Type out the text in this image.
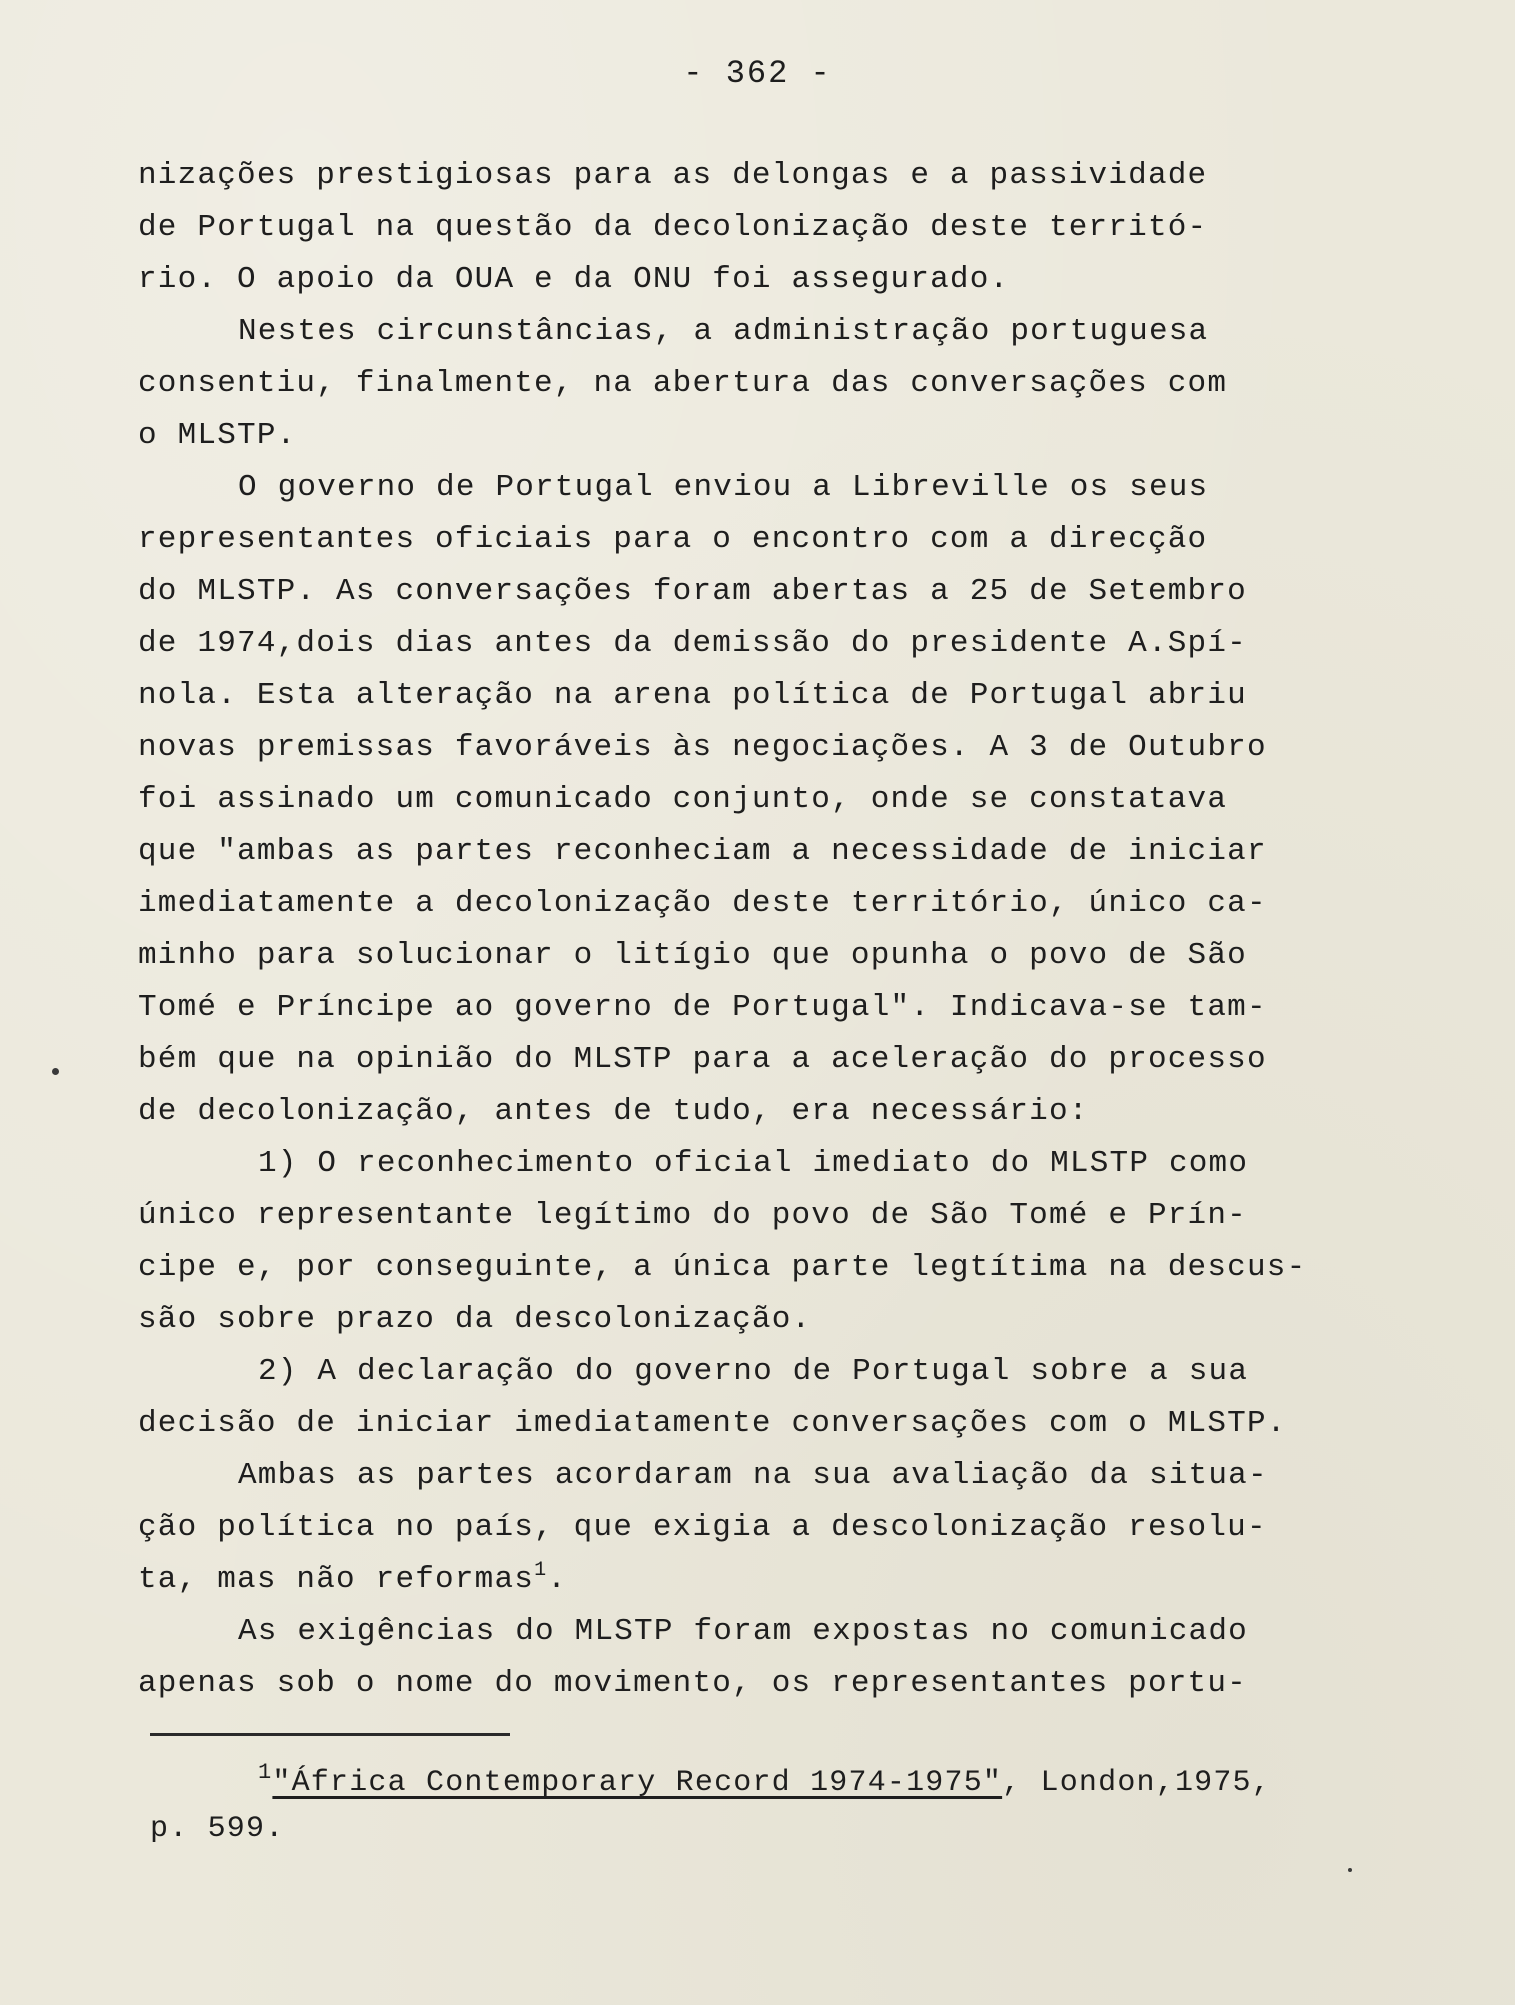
- 362 -
nizações prestigiosas para as delongas e a passividade
de Portugal na questão da decolonização deste territó-
rio. O apoio da OUA e da ONU foi assegurado.
Nestes circunstâncias, a administração portuguesa
consentiu, finalmente, na abertura das conversações com
o MLSTP.
O governo de Portugal enviou a Libreville os seus
representantes oficiais para o encontro com a direcção
do MLSTP. As conversações foram abertas a 25 de Setembro
de 1974,dois dias antes da demissão do presidente A.Spí-
nola. Esta alteração na arena política de Portugal abriu
novas premissas favoráveis às negociações. A 3 de Outubro
foi assinado um comunicado conjunto, onde se constatava
que "ambas as partes reconheciam a necessidade de iniciar
imediatamente a decolonização deste território, único ca-
minho para solucionar o litígio que opunha o povo de São
Tomé e Príncipe ao governo de Portugal". Indicava-se tam-
bém que na opinião do MLSTP para a aceleração do processo
de decolonização, antes de tudo, era necessário:
1) O reconhecimento oficial imediato do MLSTP como
único representante legítimo do povo de São Tomé e Prín-
cipe e, por conseguinte, a única parte legtítima na descus-
são sobre prazo da descolonização.
2) A declaração do governo de Portugal sobre a sua
decisão de iniciar imediatamente conversações com o MLSTP.
Ambas as partes acordaram na sua avaliação da situa-
ção política no país, que exigia a descolonização resolu-
ta, mas não reformas$^1$.
As exigências do MLSTP foram expostas no comunicado
apenas sob o nome do movimento, os representantes portu-
$^1$"África Contemporary Record 1974-1975", London,1975,
p. 599.
